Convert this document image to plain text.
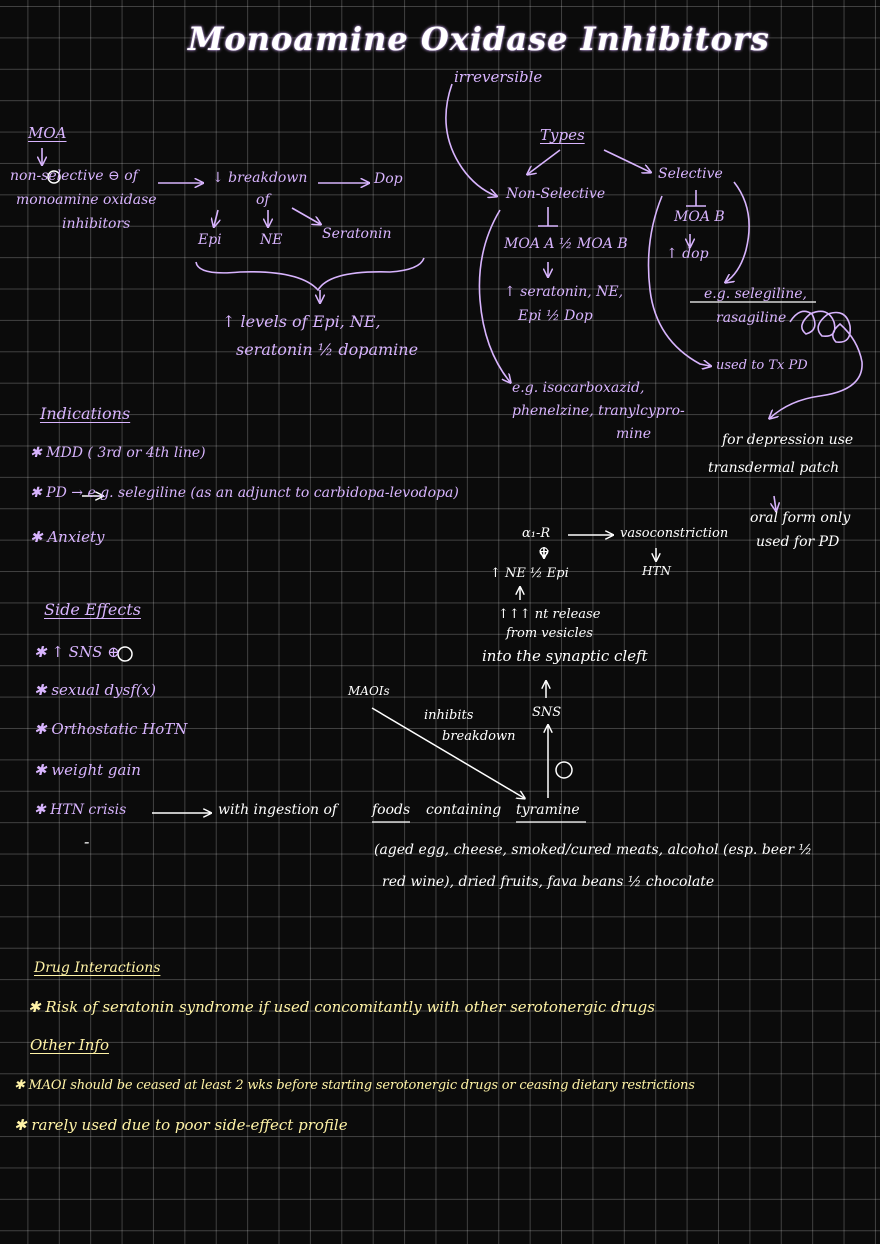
Monoamine Oxidase Inhibitors
MOA
non-selective ⊖ of
monoamine oxidase
inhibitors
↓ breakdown
of
Dop
Epi	NE	Seratonin
↑ levels of Epi, NE,
seratonin ½ dopamine
irreversible
Types
Non-Selective
MOA A ½ MOA B
↑ seratonin, NE,
Epi ½ Dop
e.g. isocarboxazid,
phenelzine, tranylcypro-
mine
Selective
MOA B
↑ dop
e.g. selegiline,
rasagiline
used to Tx PD
for depression use
transdermal patch
oral form only
used for PD
Indications
✱ MDD ( 3rd or 4th line)
✱ PD → e.g. selegiline (as an adjunct to carbidopa-levodopa)
✱ Anxiety
Side Effects
✱ ↑ SNS ⊕
✱ sexual dysf(x)
✱ Orthostatic HoTN
✱ weight gain
✱ HTN crisis	with ingestion of foods containing tyramine
(aged egg, cheese, smoked/cured meats, alcohol (esp. beer ½
red wine), dried fruits, fava beans ½ chocolate
-
α₁-R	vasoconstriction
HTN
⊕
↑ NE ½ Epi
↑↑↑ nt release
from vesicles
into the synaptic cleft
SNS
MAOIs
inhibits
breakdown
Drug Interactions
✱ Risk of seratonin syndrome if used concomitantly with other serotonergic drugs
Other Info
✱ MAOI should be ceased at least 2 wks before starting serotonergic drugs or ceasing dietary restrictions
✱ rarely used due to poor side-effect profile
